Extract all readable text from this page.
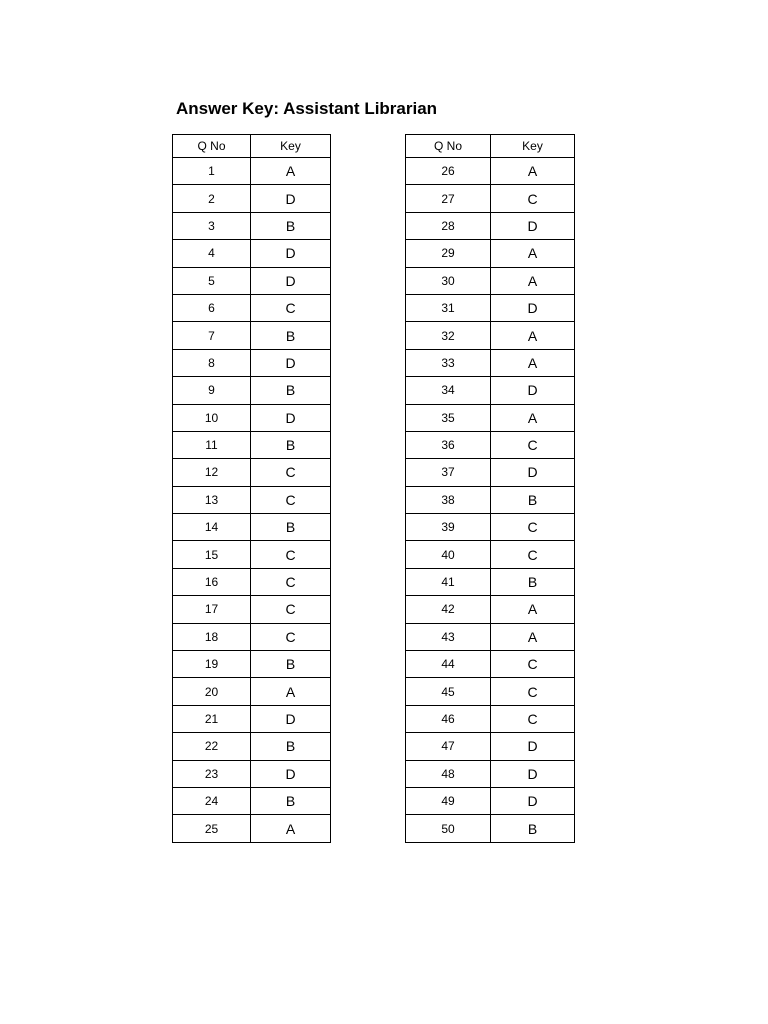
Answer Key: Assistant Librarian
Q No	Key
1	A
2	D
3	B
4	D
5	D
6	C
7	B
8	D
9	B
10	D
11	B
12	C
13	C
14	B
15	C
16	C
17	C
18	C
19	B
20	A
21	D
22	B
23	D
24	B
25	A
Q No	Key
26	A
27	C
28	D
29	A
30	A
31	D
32	A
33	A
34	D
35	A
36	C
37	D
38	B
39	C
40	C
41	B
42	A
43	A
44	C
45	C
46	C
47	D
48	D
49	D
50	B
